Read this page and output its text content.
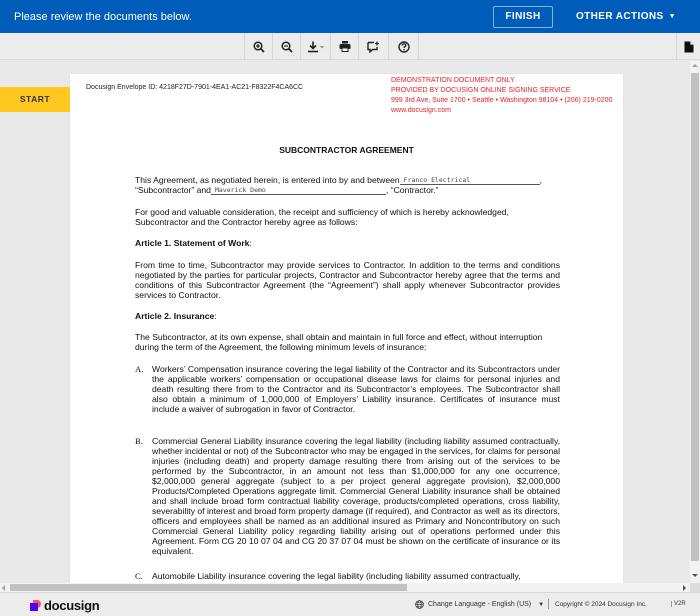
Please review the documents below.	FINISH	OTHER ACTIONS ▼
Docusign Envelope ID: 4218F27D-7901-4EA1-AC21-F8322F4CA6CC
DEMONSTRATION DOCUMENT ONLY
PROVIDED BY DOCUSIGN ONLINE SIGNING SERVICE
999 3rd Ave, Suite 1700 • Seattle • Washington 98104 • (206) 219-0200
www.docusign.com
SUBCONTRACTOR AGREEMENT
This Agreement, as negotiated herein, is entered into by and between Franco Electrical	,
“Subcontractor” and Maverick Demo	, “Contractor.”
For good and valuable consideration, the receipt and sufficiency of which is hereby acknowledged, Subcontractor and the Contractor hereby agree as follows:
Article 1. Statement of Work:
From time to time, Subcontractor may provide services to Contractor. In addition to the terms and conditions negotiated by the parties for particular projects, Contractor and Subcontractor hereby agree that the terms and conditions of this Subcontractor Agreement (the “Agreement”) shall apply whenever Subcontractor provides services to Contractor.
Article 2. Insurance:
The Subcontractor, at its own expense, shall obtain and maintain in full force and effect, without interruption during the term of the Agreement, the following minimum levels of insurance:
A. Workers’ Compensation insurance covering the legal liability of the Contractor and its Subcontractors under the applicable workers’ compensation or occupational disease laws for claims for personal injuries and death resulting there from to the Contractor and its Subcontractor’s employees. The Subcontractor shall also obtain a minimum of 1,000,000 of Employers’ Liability insurance. Certificates of insurance must include a waiver of subrogation in favor of Contractor.
B. Commercial General Liability insurance covering the legal liability (including liability assumed contractually, whether incidental or not) of the Subcontractor who may be engaged in the services, for claims for personal injuries (including death) and property damage resulting there from arising out of the services to be performed by the Subcontractor, in an amount not less than $1,000,000 for any one occurrence, $2,000,000 general aggregate (subject to a per project general aggregate provision), $2,000,000 Products/Completed Operations aggregate limit. Commercial General Liability insurance shall be obtained and shall include broad form contractual liability coverage, products/completed operations, cross liability, severability of interest and broad form property damage (if required), and Contractor as well as its directors, officers and employees shall be named as an additional insured as Primary and Noncontributory on such Commercial General Liability policy regarding liability arising out of operations performed under this Agreement. Form CG 20 10 07 04 and CG 20 37 07 04 must be shown on the certificate of insurance or its equivalent.
C. Automobile Liability insurance covering the legal liability (including liability assumed contractually,
START
docusign	Change Language - English (US) ▼ Copyright © 2024 Docusign Inc.	V2R
